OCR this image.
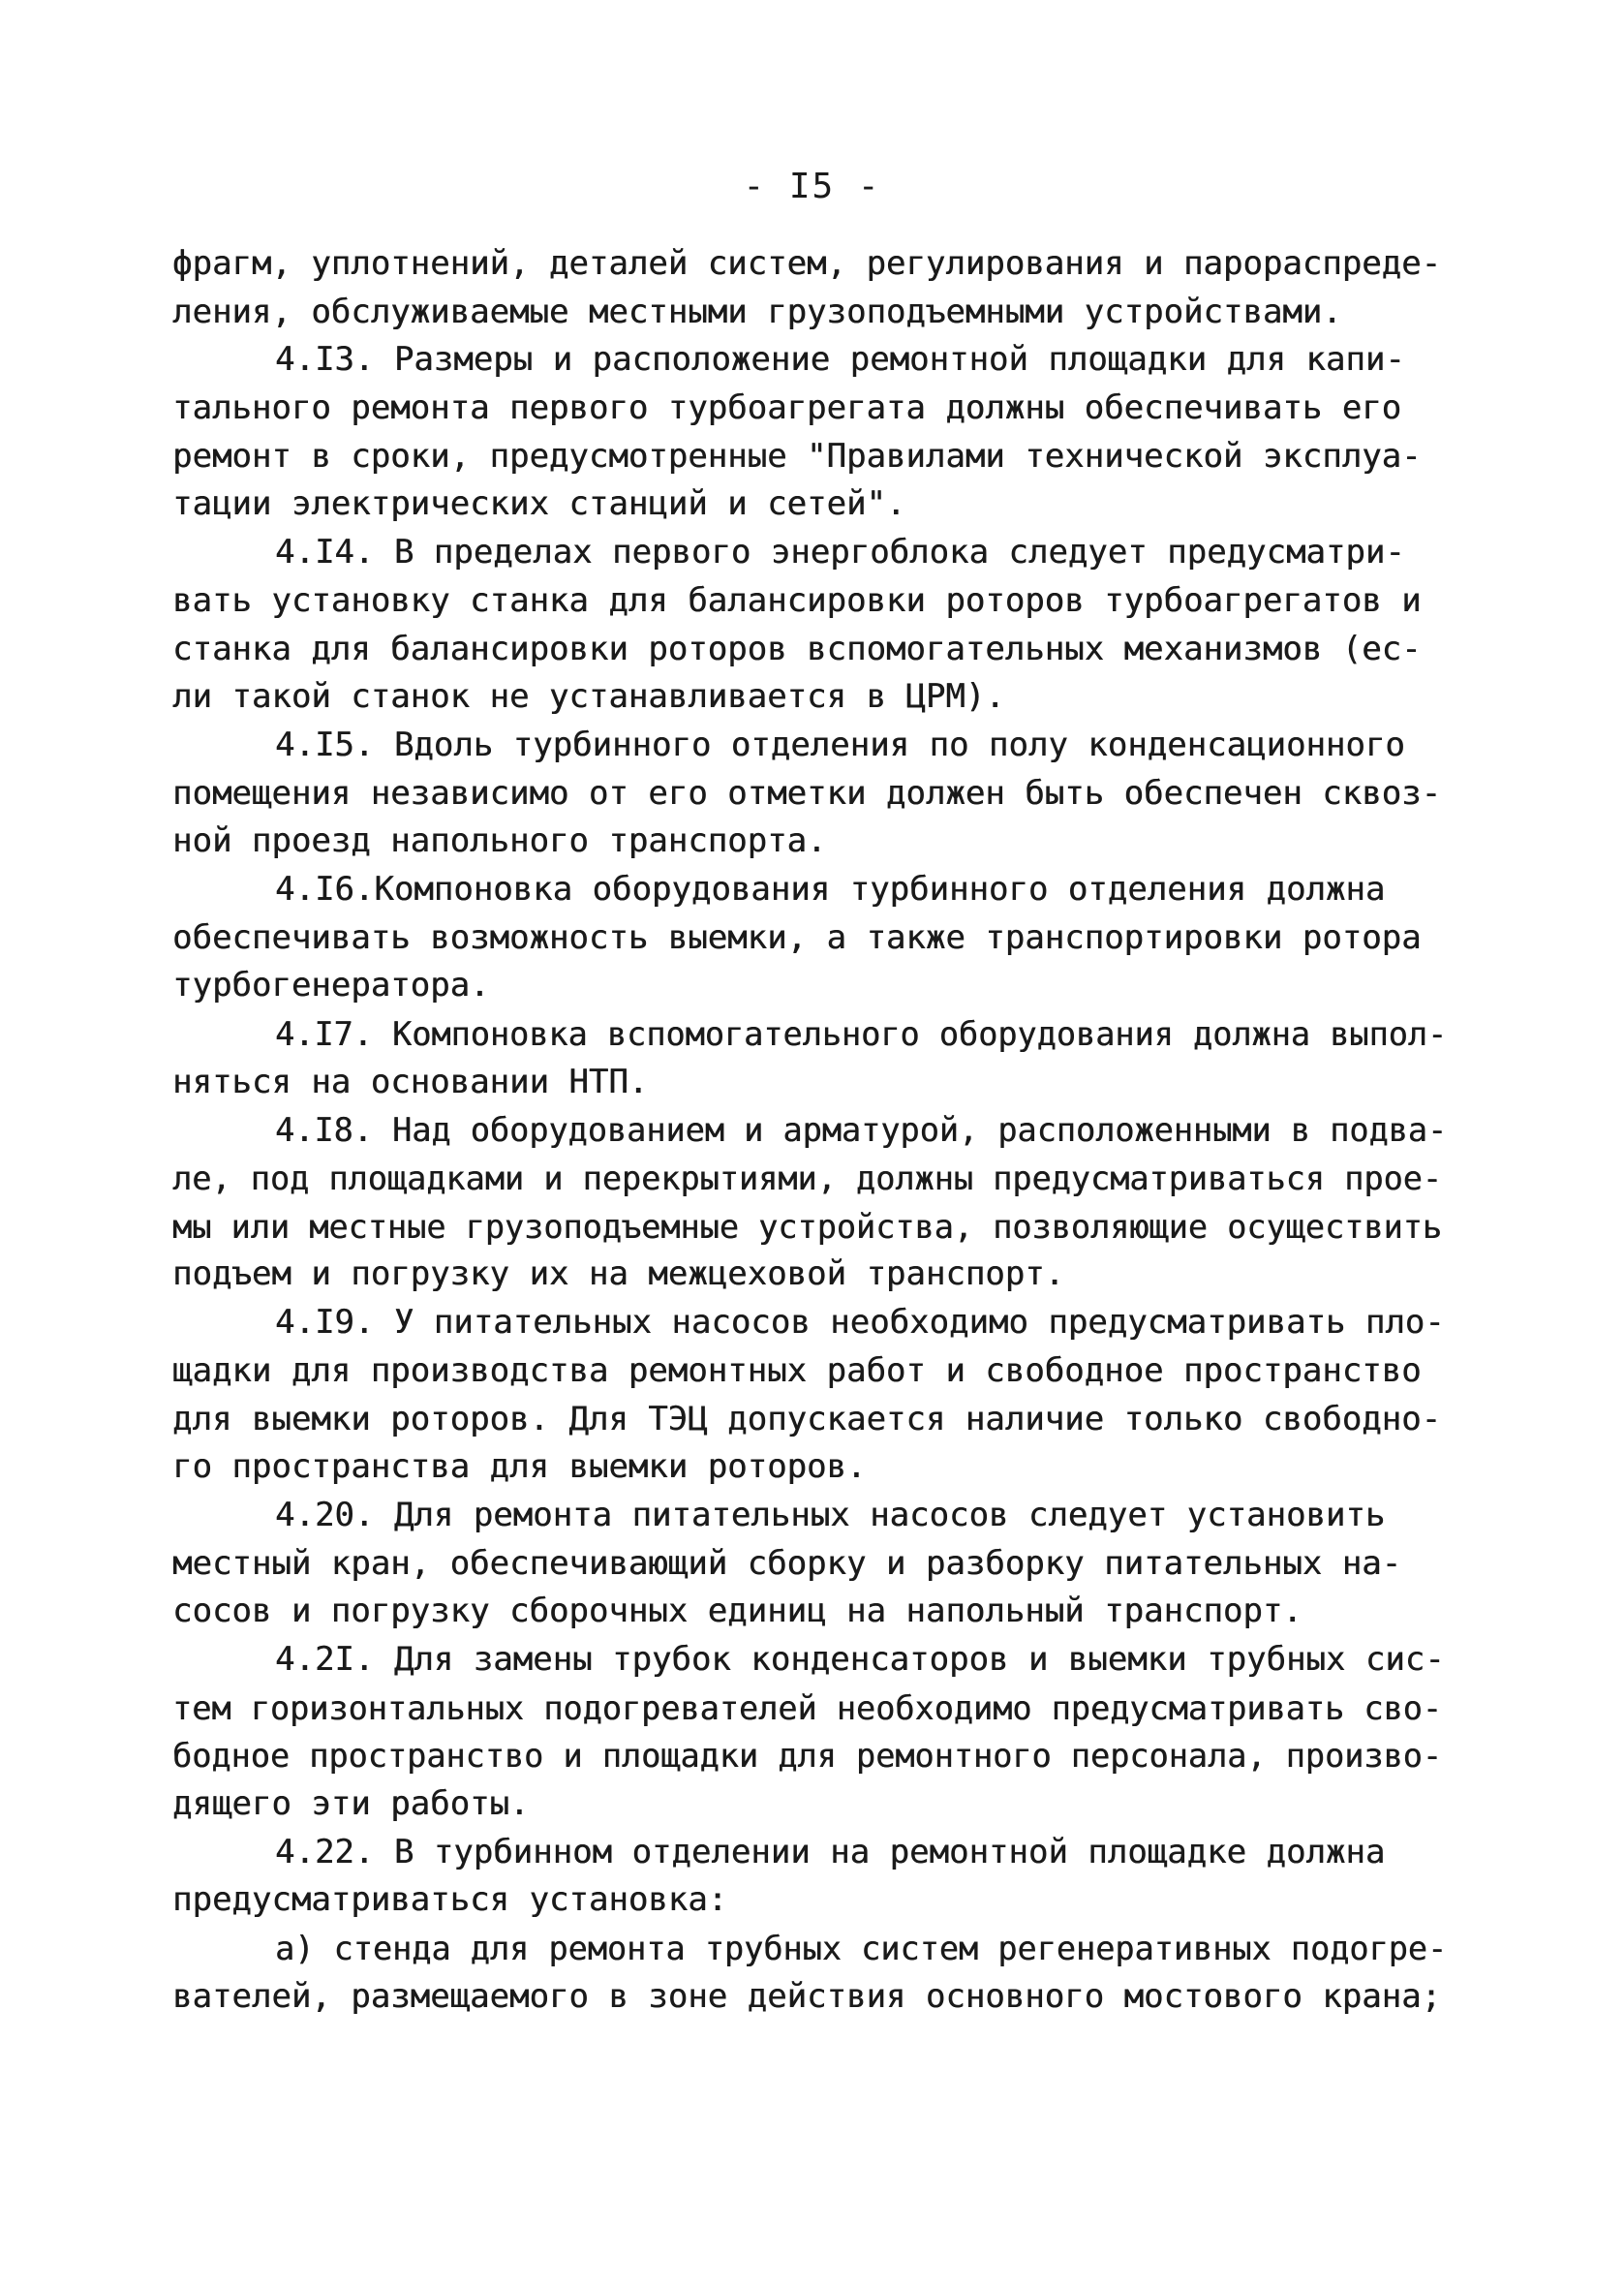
- I5 -
фрагм, уплотнений, деталей систем, регулирования и парораспреде-
ления, обслуживаемые местными грузоподъемными устройствами.
4.I3. Размеры и расположение ремонтной площадки для капи-
тального ремонта первого турбоагрегата должны обеспечивать его
ремонт в сроки, предусмотренные "Правилами технической эксплуа-
тации электрических станций и сетей".
4.I4. В пределах первого энергоблока следует предусматри-
вать установку станка для балансировки роторов турбоагрегатов и
станка для балансировки роторов вспомогательных механизмов (ес-
ли такой станок не устанавливается в ЦРМ).
4.I5. Вдоль турбинного отделения по полу конденсационного
помещения независимо от его отметки должен быть обеспечен сквоз-
ной проезд напольного транспорта.
4.I6.Компоновка оборудования турбинного отделения должна
обеспечивать возможность выемки, а также транспортировки ротора
турбогенератора.
4.I7. Компоновка вспомогательного оборудования должна выпол-
няться на основании НТП.
4.I8. Над оборудованием и арматурой, расположенными в подва-
ле, под площадками и перекрытиями, должны предусматриваться прое-
мы или местные грузоподъемные устройства, позволяющие осуществить
подъем и погрузку их на межцеховой транспорт.
4.I9. У питательных насосов необходимо предусматривать пло-
щадки для производства ремонтных работ и свободное пространство
для выемки роторов. Для ТЭЦ допускается наличие только свободно-
го пространства для выемки роторов.
4.20. Для ремонта питательных насосов следует установить
местный кран, обеспечивающий сборку и разборку питательных на-
сосов и погрузку сборочных единиц на напольный транспорт.
4.2I. Для замены трубок конденсаторов и выемки трубных сис-
тем горизонтальных подогревателей необходимо предусматривать сво-
бодное пространство и площадки для ремонтного персонала, произво-
дящего эти работы.
4.22. В турбинном отделении на ремонтной площадке должна
предусматриваться установка:
а) стенда для ремонта трубных систем регенеративных подогре-
вателей, размещаемого в зоне действия основного мостового крана;
